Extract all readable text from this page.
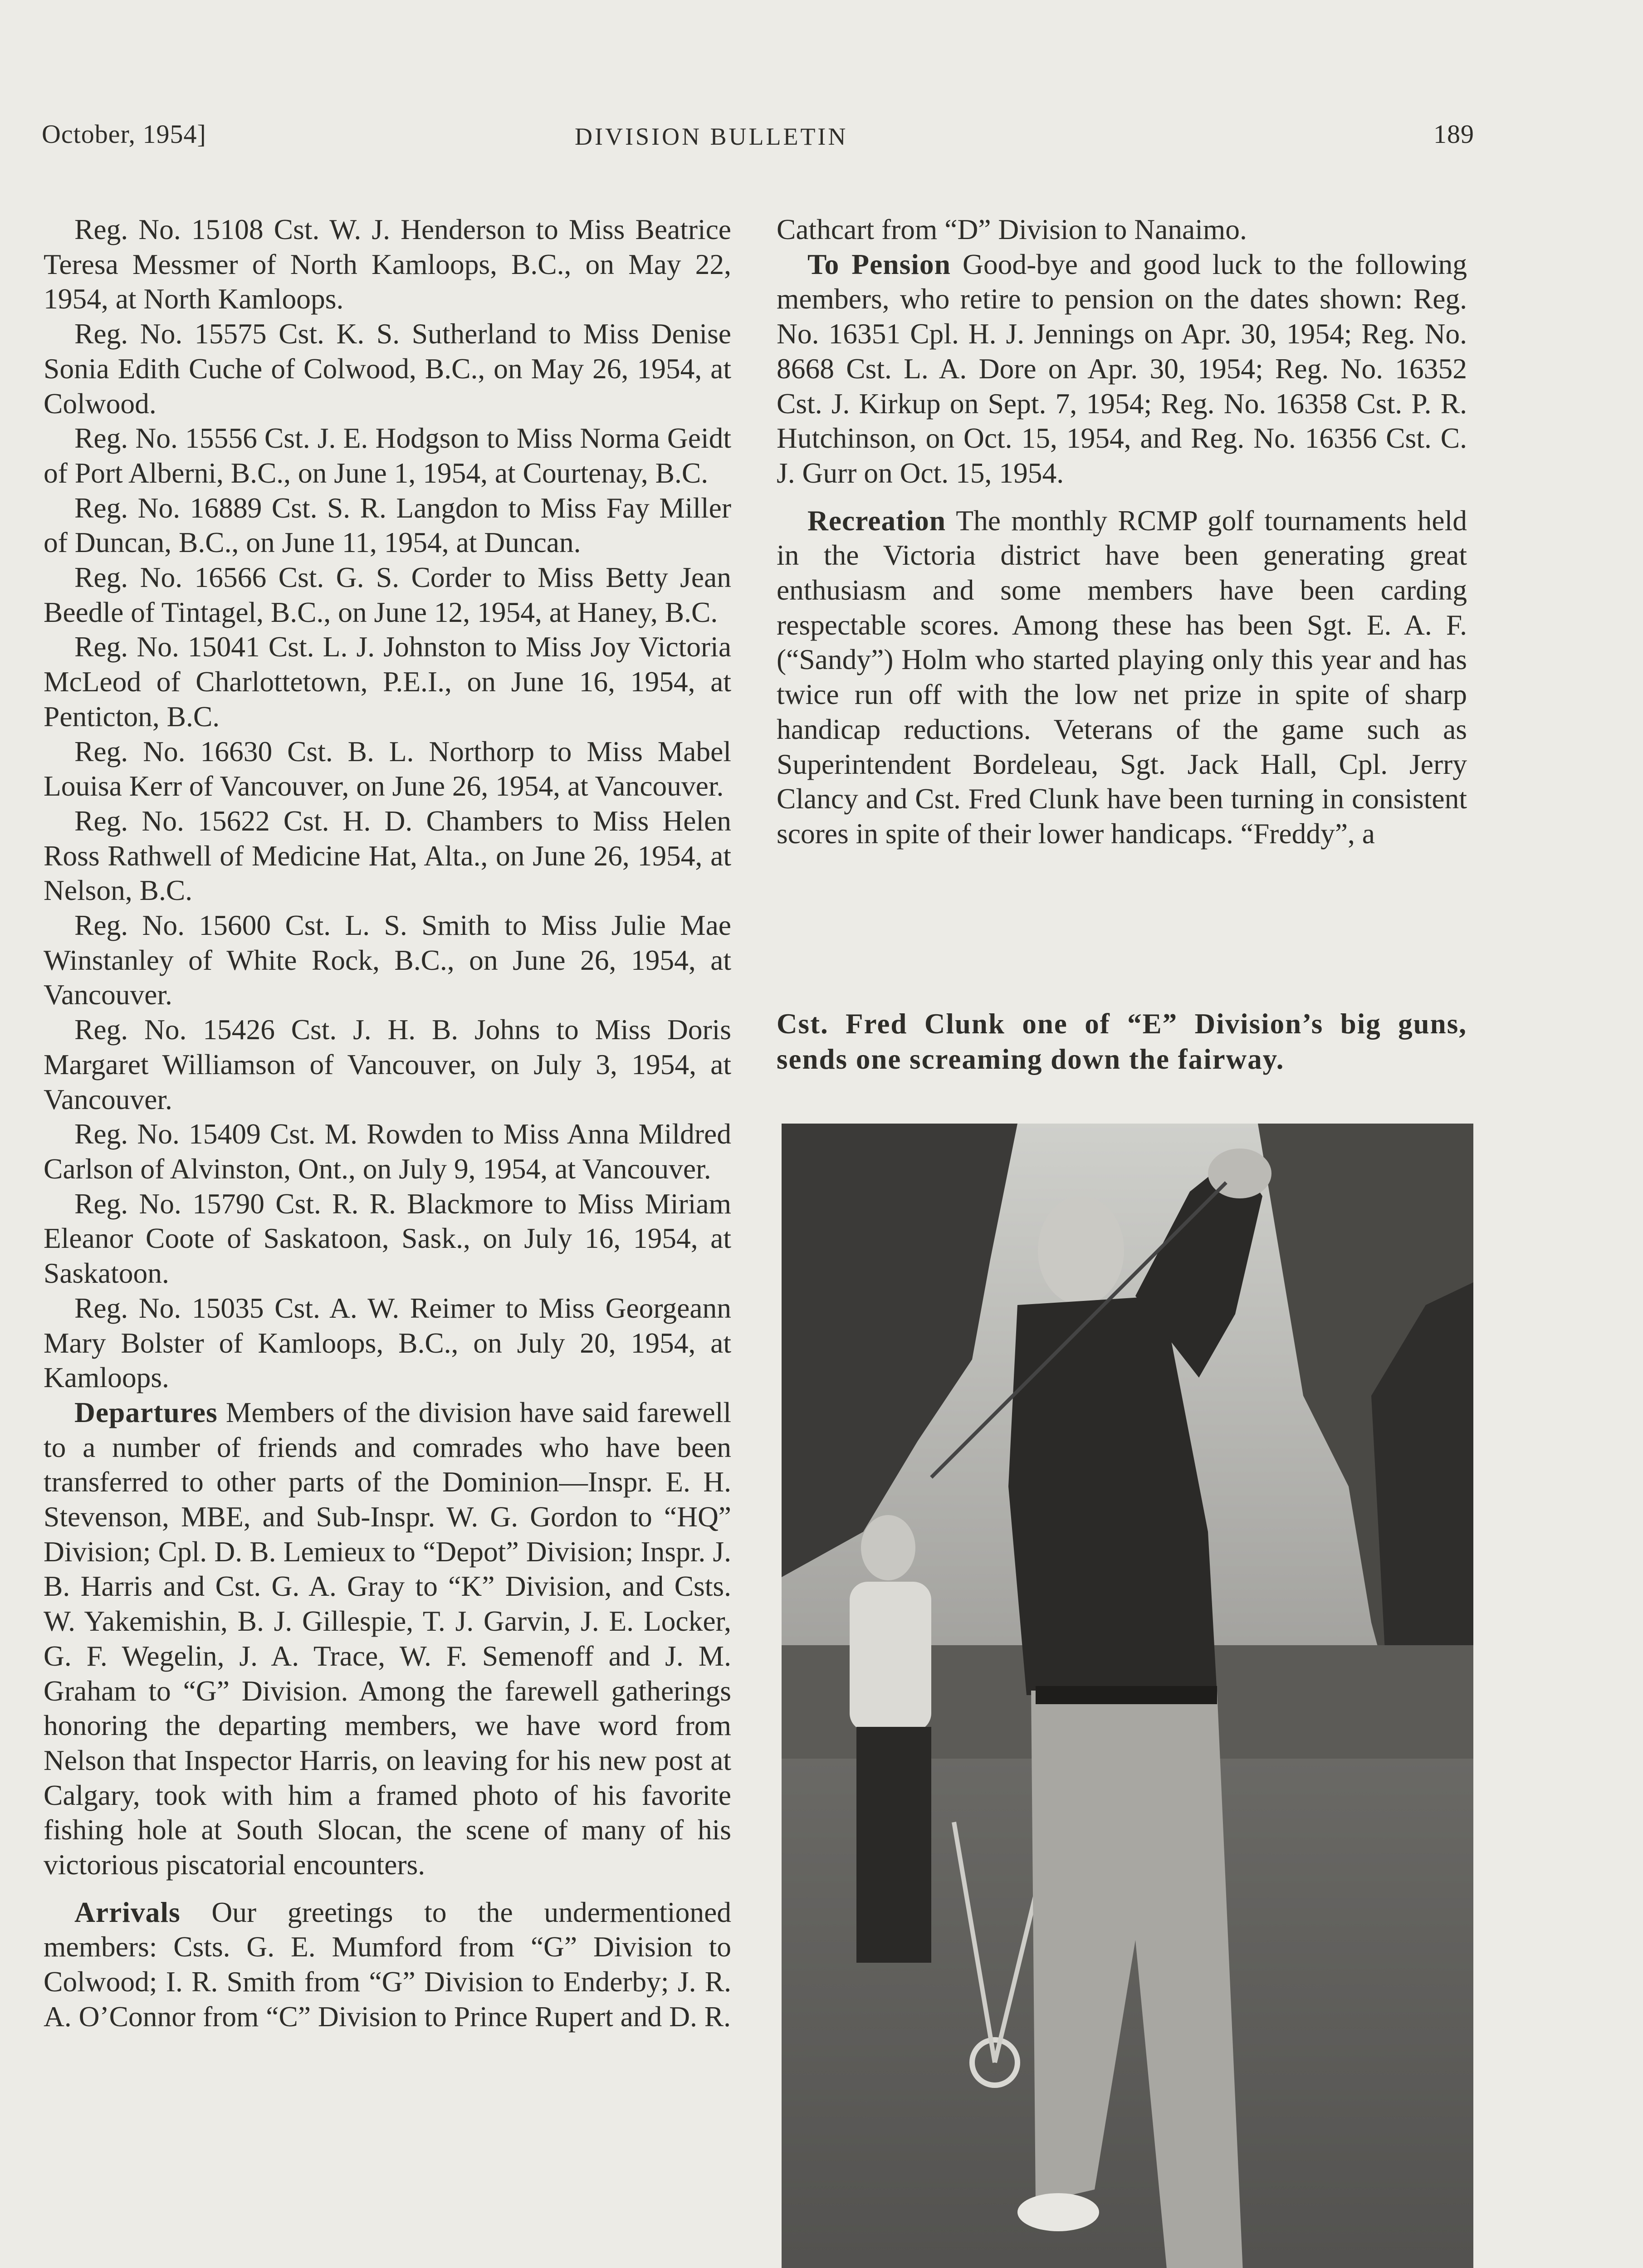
October, 1954]	DIVISION BULLETIN	189

Reg. No. 15108 Cst. W. J. Henderson to Miss Beatrice Teresa Messmer of North Kamloops, B.C., on May 22, 1954, at North Kamloops.

Reg. No. 15575 Cst. K. S. Sutherland to Miss Denise Sonia Edith Cuche of Colwood, B.C., on May 26, 1954, at Colwood.

Reg. No. 15556 Cst. J. E. Hodgson to Miss Norma Geidt of Port Alberni, B.C., on June 1, 1954, at Courtenay, B.C.

Reg. No. 16889 Cst. S. R. Langdon to Miss Fay Miller of Duncan, B.C., on June 11, 1954, at Duncan.

Reg. No. 16566 Cst. G. S. Corder to Miss Betty Jean Beedle of Tintagel, B.C., on June 12, 1954, at Haney, B.C.

Reg. No. 15041 Cst. L. J. Johnston to Miss Joy Victoria McLeod of Charlottetown, P.E.I., on June 16, 1954, at Penticton, B.C.

Reg. No. 16630 Cst. B. L. Northorp to Miss Mabel Louisa Kerr of Vancouver, on June 26, 1954, at Vancouver.

Reg. No. 15622 Cst. H. D. Chambers to Miss Helen Ross Rathwell of Medicine Hat, Alta., on June 26, 1954, at Nelson, B.C.

Reg. No. 15600 Cst. L. S. Smith to Miss Julie Mae Winstanley of White Rock, B.C., on June 26, 1954, at Vancouver.

Reg. No. 15426 Cst. J. H. B. Johns to Miss Doris Margaret Williamson of Vancouver, on July 3, 1954, at Vancouver.

Reg. No. 15409 Cst. M. Rowden to Miss Anna Mildred Carlson of Alvinston, Ont., on July 9, 1954, at Vancouver.

Reg. No. 15790 Cst. R. R. Blackmore to Miss Miriam Eleanor Coote of Saskatoon, Sask., on July 16, 1954, at Saskatoon.

Reg. No. 15035 Cst. A. W. Reimer to Miss Georgeann Mary Bolster of Kamloops, B.C., on July 20, 1954, at Kamloops.

Departures Members of the division have said farewell to a number of friends and comrades who have been transferred to other parts of the Dominion—Inspr. E. H. Stevenson, MBE, and Sub-Inspr. W. G. Gordon to “HQ” Division; Cpl. D. B. Lemieux to “Depot” Division; Inspr. J. B. Harris and Cst. G. A. Gray to “K” Division, and Csts. W. Yakemishin, B. J. Gillespie, T. J. Garvin, J. E. Locker, G. F. Wegelin, J. A. Trace, W. F. Semenoff and J. M. Graham to “G” Division. Among the farewell gatherings honoring the departing members, we have word from Nelson that Inspector Harris, on leaving for his new post at Calgary, took with him a framed photo of his favorite fishing hole at South Slocan, the scene of many of his victorious piscatorial encounters.

Arrivals Our greetings to the undermentioned members: Csts. G. E. Mumford from “G” Division to Colwood; I. R. Smith from “G” Division to Enderby; J. R. A. O’Connor from “C” Division to Prince Rupert and D. R.

Cathcart from “D” Division to Nanaimo.

To Pension Good-bye and good luck to the following members, who retire to pension on the dates shown: Reg. No. 16351 Cpl. H. J. Jennings on Apr. 30, 1954; Reg. No. 8668 Cst. L. A. Dore on Apr. 30, 1954; Reg. No. 16352 Cst. J. Kirkup on Sept. 7, 1954; Reg. No. 16358 Cst. P. R. Hutchinson, on Oct. 15, 1954, and Reg. No. 16356 Cst. C. J. Gurr on Oct. 15, 1954.

Recreation The monthly RCMP golf tournaments held in the Victoria district have been generating great enthusiasm and some members have been carding respectable scores. Among these has been Sgt. E. A. F. (“Sandy”) Holm who started playing only this year and has twice run off with the low net prize in spite of sharp handicap reductions. Veterans of the game such as Superintendent Bordeleau, Sgt. Jack Hall, Cpl. Jerry Clancy and Cst. Fred Clunk have been turning in consistent scores in spite of their lower handicaps. “Freddy”, a

Cst. Fred Clunk one of “E” Division’s big guns, sends one screaming down the fairway.
